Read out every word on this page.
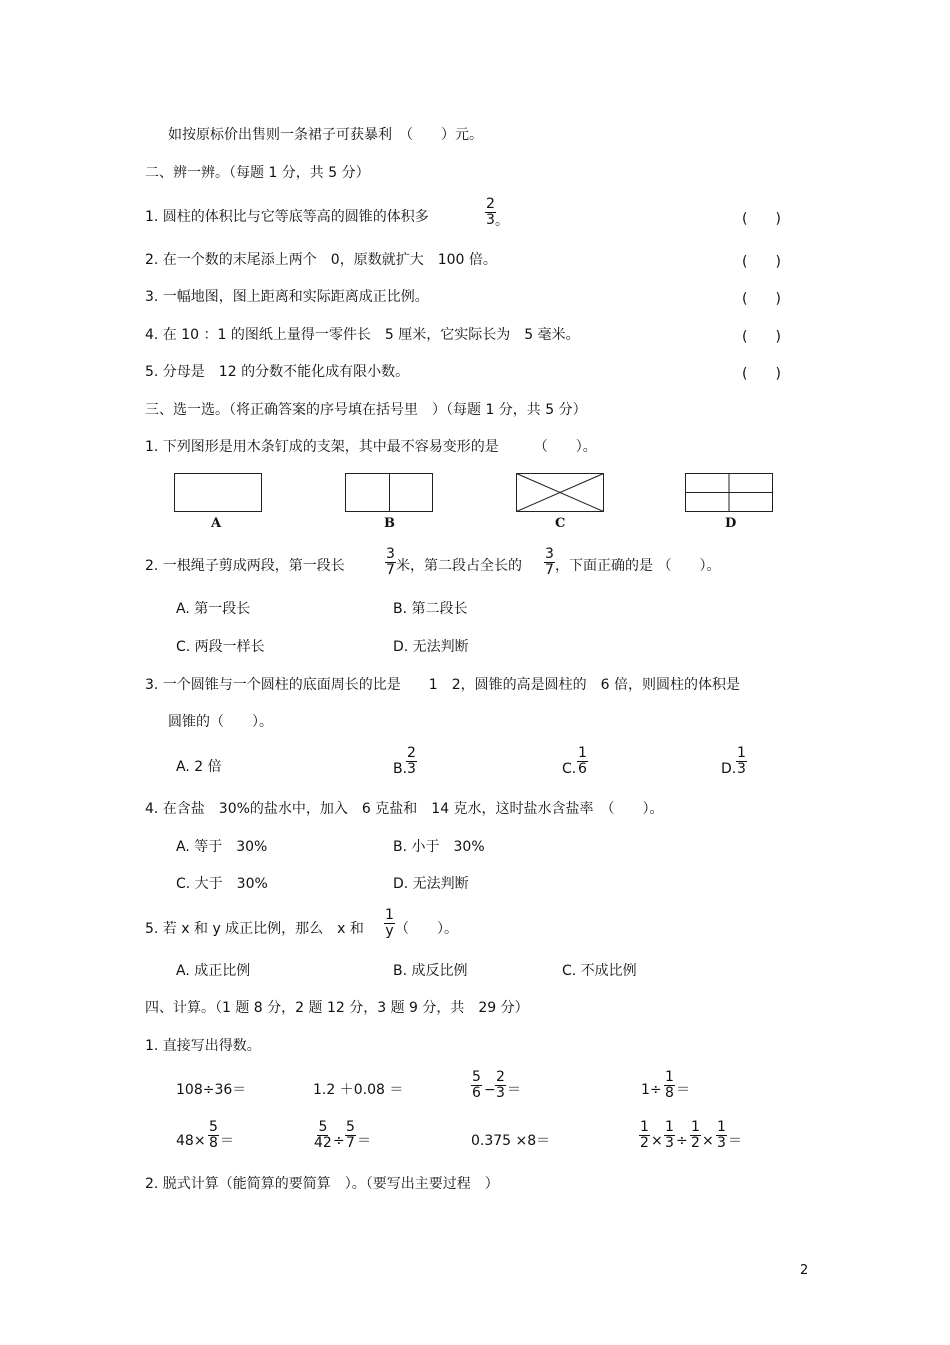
如按原标价出售则一条裙子可获暴利　（　　）元。
二、辨一辨。（每题 1 分，共 5 分）
1. 圆柱的体积比与它等底等高的圆锥的体积多	$\frac{2}{3}$ 。	(　　)
2. 在一个数的末尾添上两个　0，原数就扩大　100 倍。	(　　)
3. 一幅地图，图上距离和实际距离成正比例。	(　　)
4. 在 10 ：1 的图纸上量得一零件长　5 厘米，它实际长为　5 毫米。	(　　)
5. 分母是　12 的分数不能化成有限小数。	(　　)
三、选一选。（将正确答案的序号填在括号里　）（每题 1 分，共 5 分）
1. 下列图形是用木条钉成的支架，其中最不容易变形的是　　　（　　）。
A	B	C	D
2. 一根绳子剪成两段，第一段长	$\frac{3}{7}$ 米，第二段占全长的 $\frac{3}{7}$ ，下面正确的是 （　　）。
A. 第一段长	B. 第二段长
C. 两段一样长	D. 无法判断
3. 一个圆锥与一个圆柱的底面周长的比是　　1　2，圆锥的高是圆柱的　6 倍，则圆柱的体积是
圆锥的（　　）。
A. 2 倍	B.
$\frac{2}{3}$	C. $\frac{1}{6}$	D. $\frac{1}{3}$
4. 在含盐　30%的盐水中，加入　6 克盐和　14 克水，这时盐水含盐率　（　　）。
A. 等于　30%	B. 小于　30%
C. 大于　30%	D. 无法判断
5. 若 x 和 y 成正比例，那么　x 和 $\frac{1}{y}$ （　　）。
A. 成正比例	B. 成反比例	C. 不成比例
四、计算。（1 题 8 分，2 题 12 分，3 题 9 分，共　29 分）
1. 直接写出得数。
108÷36＝	1.2 ＋0.08 ＝	$\frac{5}{6} - \frac{2}{3}$ ＝	$1\div \frac{1}{8}$ ＝
$48\times \frac{5}{8}$ ＝	$\frac{5}{42} \div \frac{5}{7}$ ＝	0.375 ×8＝	$\frac{1}{2} \times \frac{1}{3} \div \frac{1}{2} \times \frac{1}{3}$ ＝
2. 脱式计算（能简算的要简算　）。（要写出主要过程　）
2
